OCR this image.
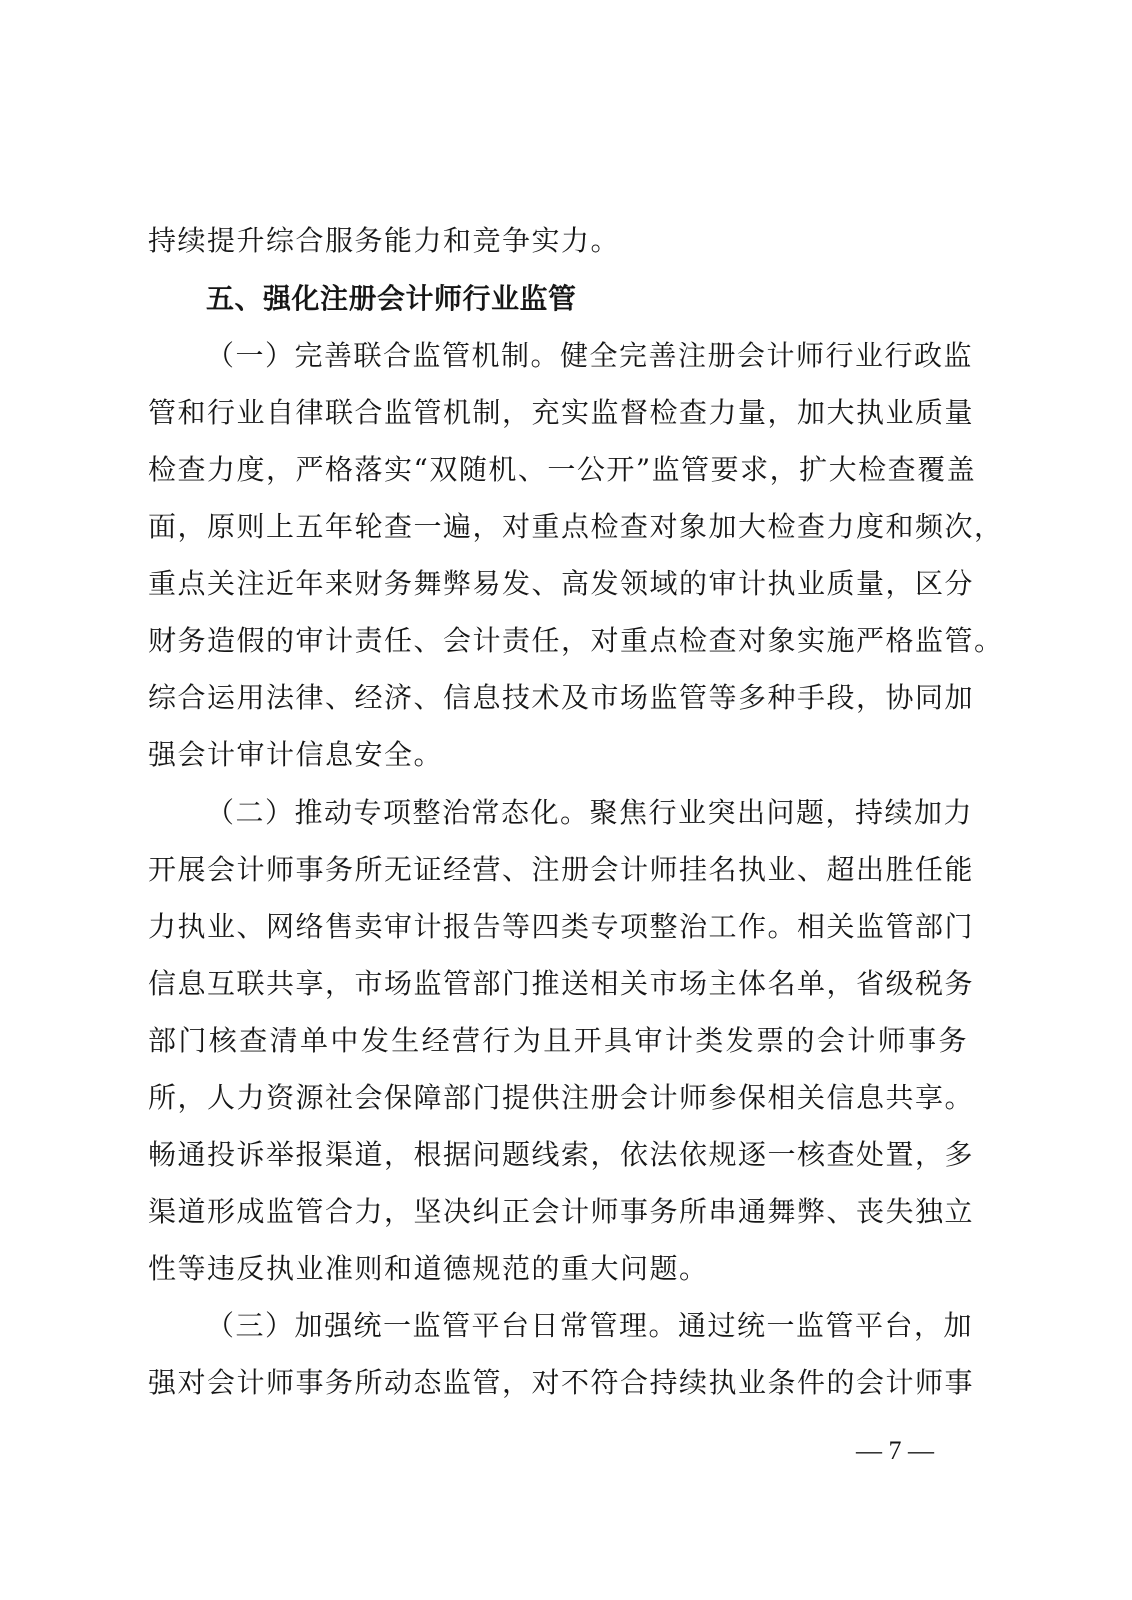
持续提升综合服务能力和竞争实力。
五、强化注册会计师行业监管
（一）完善联合监管机制。健全完善注册会计师行业行政监
管和行业自律联合监管机制，充实监督检查力量，加大执业质量
检查力度，严格落实“双随机、一公开”监管要求，扩大检查覆盖
面，原则上五年轮查一遍，对重点检查对象加大检查力度和频次，
重点关注近年来财务舞弊易发、高发领域的审计执业质量，区分
财务造假的审计责任、会计责任，对重点检查对象实施严格监管。
综合运用法律、经济、信息技术及市场监管等多种手段，协同加
强会计审计信息安全。
（二）推动专项整治常态化。聚焦行业突出问题，持续加力
开展会计师事务所无证经营、注册会计师挂名执业、超出胜任能
力执业、网络售卖审计报告等四类专项整治工作。相关监管部门
信息互联共享，市场监管部门推送相关市场主体名单，省级税务
部门核查清单中发生经营行为且开具审计类发票的会计师事务
所，人力资源社会保障部门提供注册会计师参保相关信息共享。
畅通投诉举报渠道，根据问题线索，依法依规逐一核查处置，多
渠道形成监管合力，坚决纠正会计师事务所串通舞弊、丧失独立
性等违反执业准则和道德规范的重大问题。
（三）加强统一监管平台日常管理。通过统一监管平台，加
强对会计师事务所动态监管，对不符合持续执业条件的会计师事
— 7 —
